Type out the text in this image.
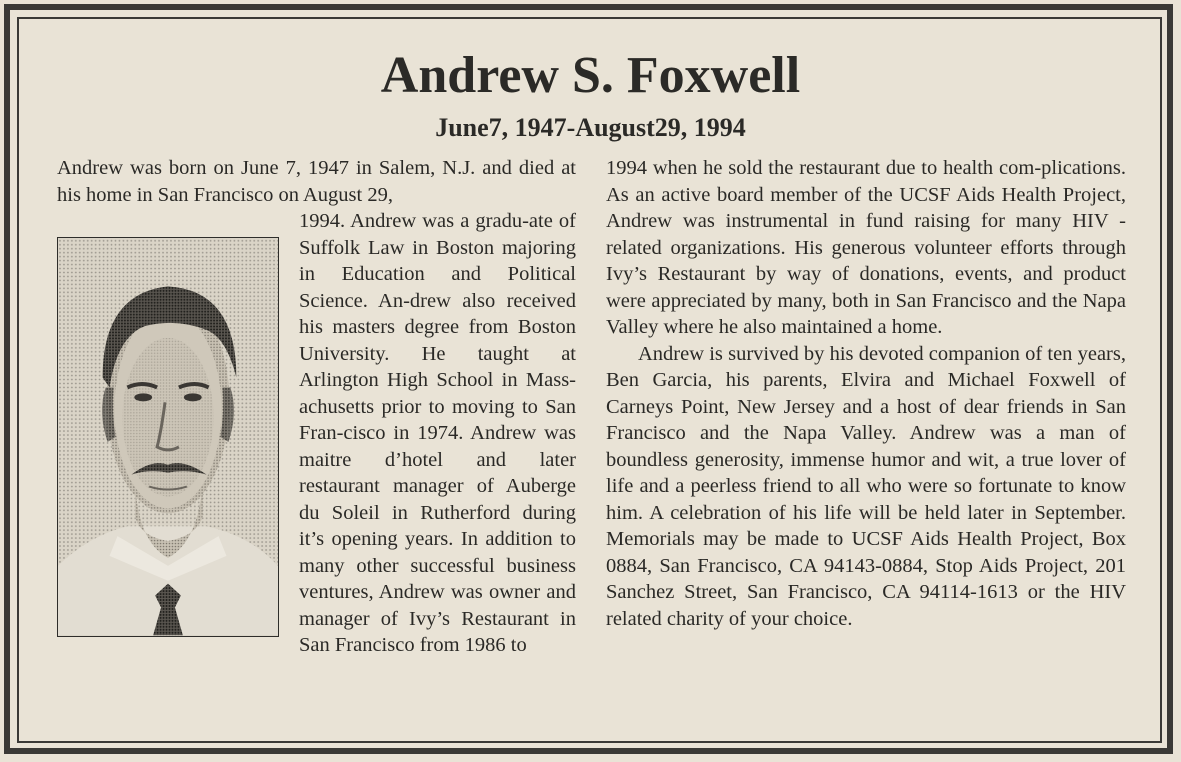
Andrew S. Foxwell
June7, 1947-August29, 1994

Andrew was born on June 7, 1947 in Salem, N.J. and died at his home in San Francisco on August 29,

1994. Andrew was a gradu-ate of Suffolk Law in Boston majoring in Education and Political Science. An-drew also received his masters degree from Boston University. He taught at Arlington High School in Mass-achusetts prior to moving to San Fran-cisco in 1974. Andrew was maitre d’hotel and later restaurant manager of Auberge du Soleil in Rutherford during it’s opening years. In addition to many other successful business ventures, Andrew was owner and manager of Ivy’s Restaurant in San Francisco from 1986 to

1994 when he sold the restaurant due to health com-plications. As an active board member of the UCSF Aids Health Project, Andrew was instrumental in fund raising for many HIV - related organizations. His generous volunteer efforts through Ivy’s Restaurant by way of donations, events, and product were appreciated by many, both in San Francisco and the Napa Valley where he also maintained a home.

Andrew is survived by his devoted companion of ten years, Ben Garcia, his parents, Elvira and Michael Foxwell of Carneys Point, New Jersey and a host of dear friends in San Francisco and the Napa Valley. Andrew was a man of boundless generosity, immense humor and wit, a true lover of life and a peerless friend to all who were so fortunate to know him. A celebration of his life will be held later in September. Memorials may be made to UCSF Aids Health Project, Box 0884, San Francisco, CA 94143-0884, Stop Aids Project, 201 Sanchez Street, San Francisco, CA 94114-1613 or the HIV related charity of your choice.
